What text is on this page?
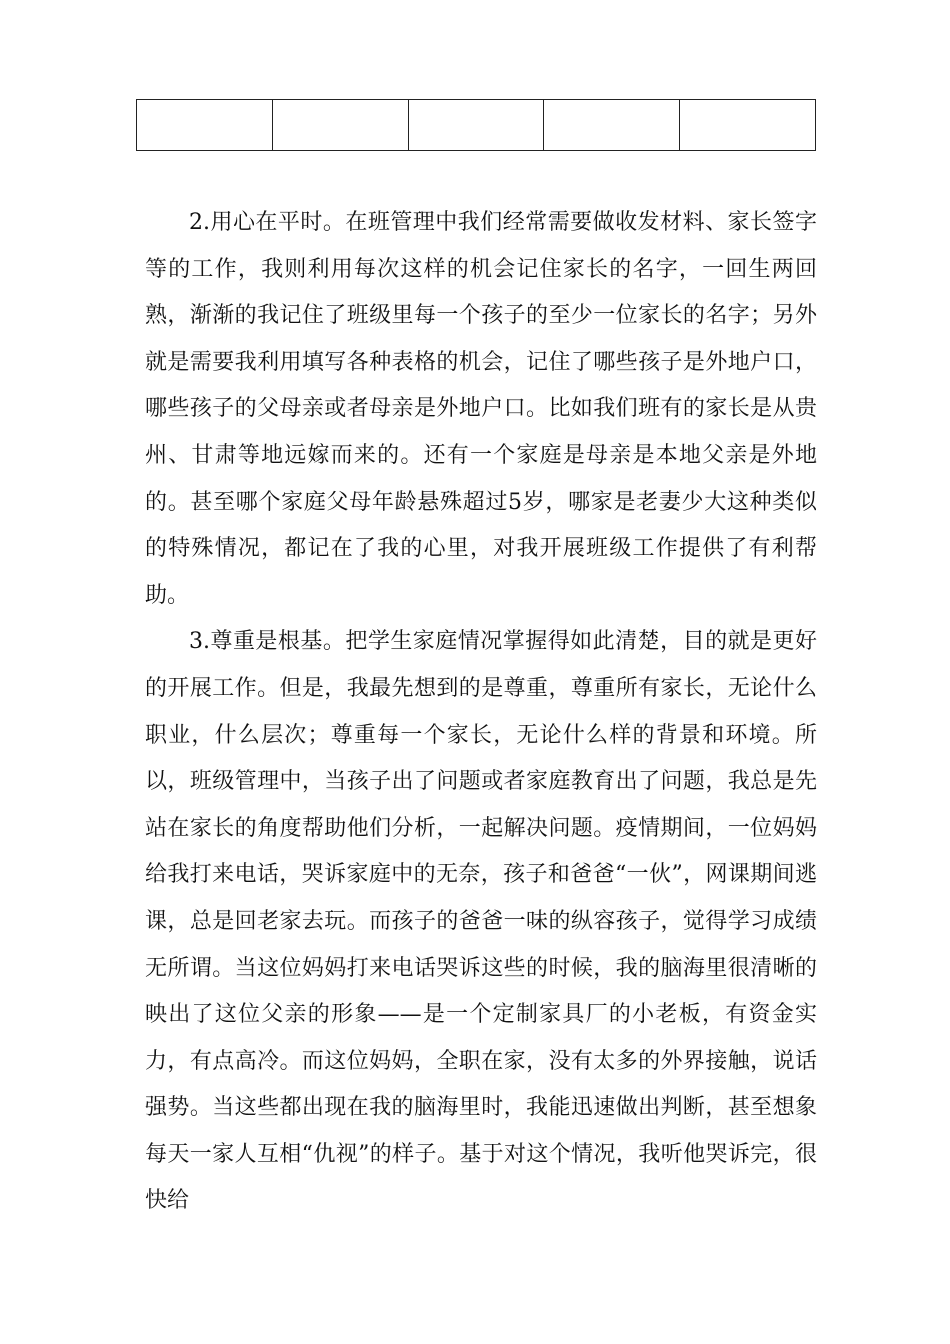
2.用心在平时。在班管理中我们经常需要做收发材料、家长签字等的工作，我则利用每次这样的机会记住家长的名字，一回生两回熟，渐渐的我记住了班级里每一个孩子的至少一位家长的名字；另外就是需要我利用填写各种表格的机会，记住了哪些孩子是外地户口，哪些孩子的父母亲或者母亲是外地户口。比如我们班有的家长是从贵州、甘肃等地远嫁而来的。还有一个家庭是母亲是本地父亲是外地的。甚至哪个家庭父母年龄悬殊超过5岁，哪家是老妻少大这种类似的特殊情况，都记在了我的心里，对我开展班级工作提供了有利帮助。

3.尊重是根基。把学生家庭情况掌握得如此清楚，目的就是更好的开展工作。但是，我最先想到的是尊重，尊重所有家长，无论什么职业，什么层次；尊重每一个家长，无论什么样的背景和环境。所以，班级管理中，当孩子出了问题或者家庭教育出了问题，我总是先站在家长的角度帮助他们分析，一起解决问题。疫情期间，一位妈妈给我打来电话，哭诉家庭中的无奈，孩子和爸爸“一伙”，网课期间逃课，总是回老家去玩。而孩子的爸爸一味的纵容孩子，觉得学习成绩无所谓。当这位妈妈打来电话哭诉这些的时候，我的脑海里很清晰的映出了这位父亲的形象——是一个定制家具厂的小老板，有资金实力，有点高冷。而这位妈妈，全职在家，没有太多的外界接触，说话强势。当这些都出现在我的脑海里时，我能迅速做出判断，甚至想象每天一家人互相“仇视”的样子。基于对这个情况，我听他哭诉完，很快给
